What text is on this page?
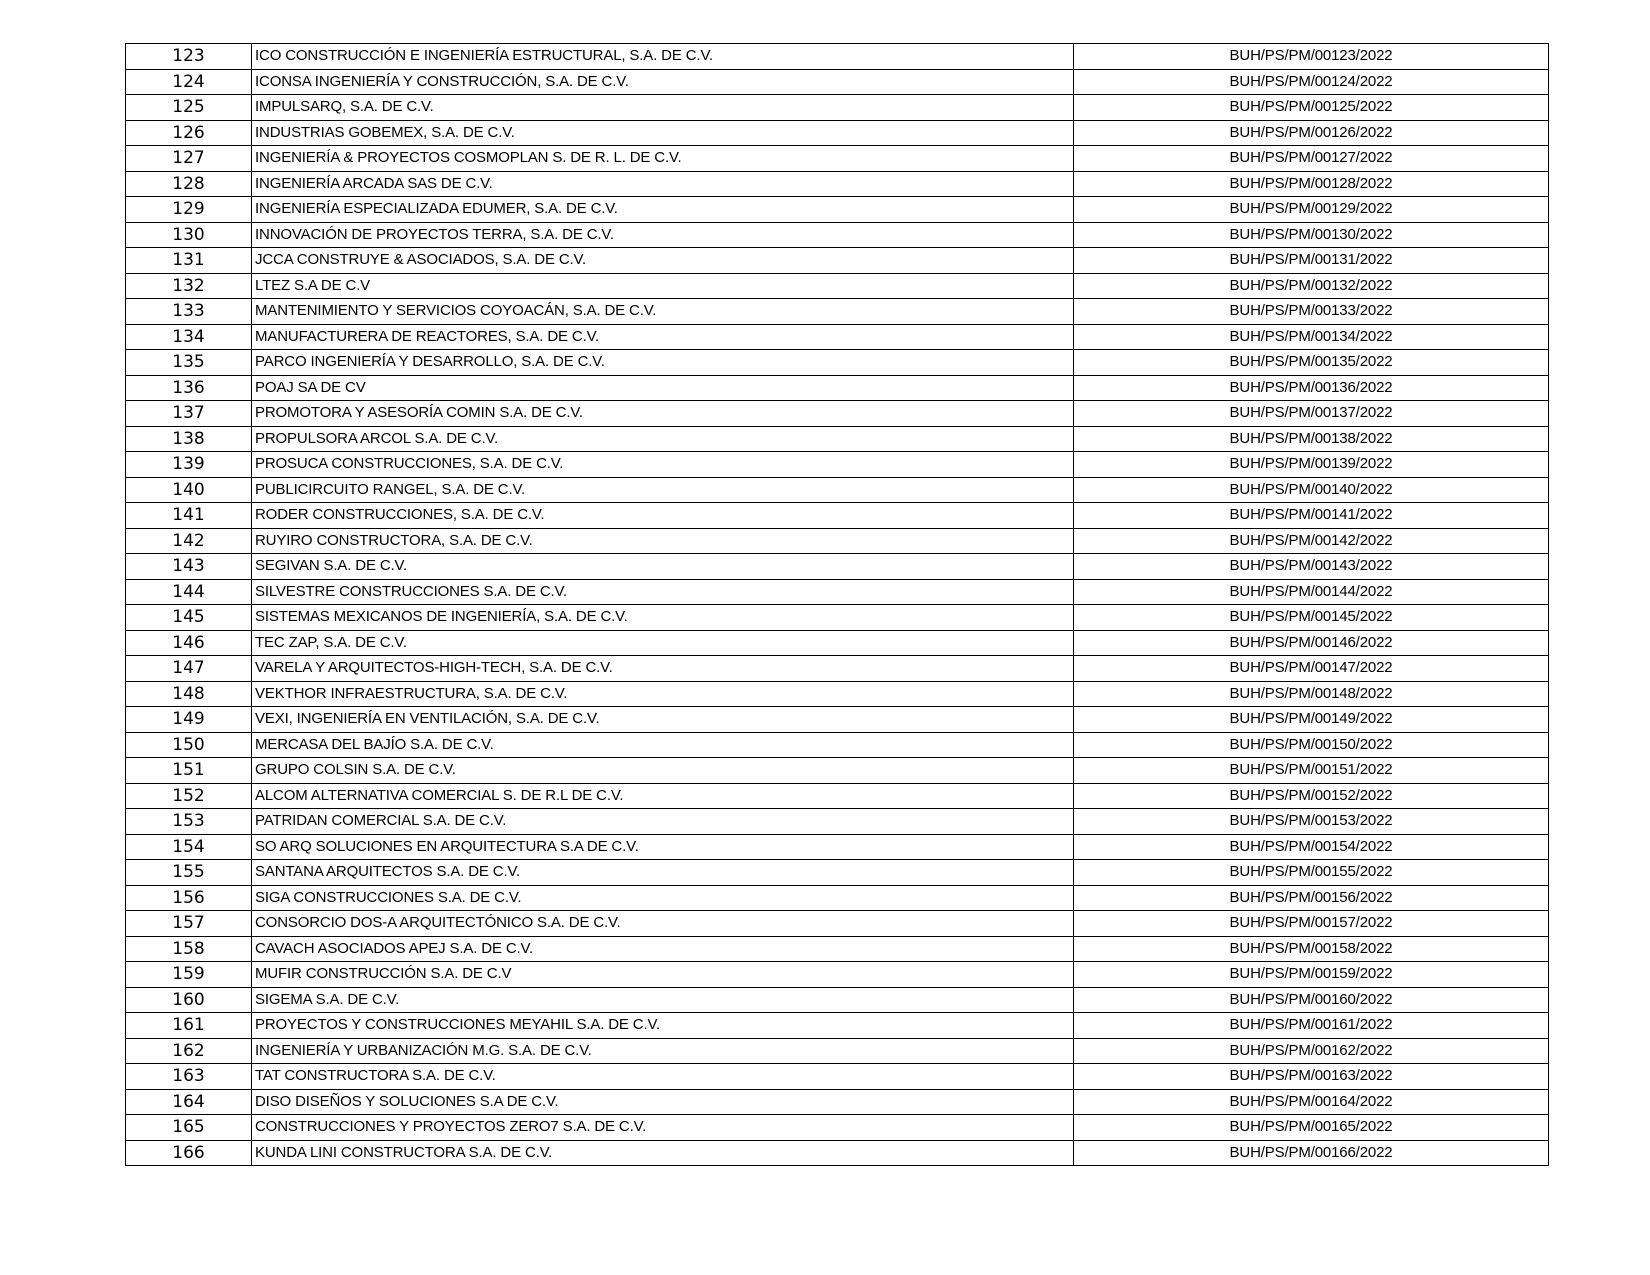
123	ICO CONSTRUCCIÓN E INGENIERÍA ESTRUCTURAL, S.A. DE C.V.	BUH/PS/PM/00123/2022
124	ICONSA INGENIERÍA Y CONSTRUCCIÓN, S.A. DE C.V.	BUH/PS/PM/00124/2022
125	IMPULSARQ, S.A. DE C.V.	BUH/PS/PM/00125/2022
126	INDUSTRIAS GOBEMEX, S.A. DE C.V.	BUH/PS/PM/00126/2022
127	INGENIERÍA & PROYECTOS COSMOPLAN S. DE R. L. DE C.V.	BUH/PS/PM/00127/2022
128	INGENIERÍA ARCADA SAS DE C.V.	BUH/PS/PM/00128/2022
129	INGENIERÍA ESPECIALIZADA EDUMER, S.A. DE C.V.	BUH/PS/PM/00129/2022
130	INNOVACIÓN DE PROYECTOS TERRA, S.A. DE C.V.	BUH/PS/PM/00130/2022
131	JCCA CONSTRUYE & ASOCIADOS, S.A. DE C.V.	BUH/PS/PM/00131/2022
132	LTEZ S.A DE C.V	BUH/PS/PM/00132/2022
133	MANTENIMIENTO Y SERVICIOS COYOACÁN, S.A. DE C.V.	BUH/PS/PM/00133/2022
134	MANUFACTURERA DE REACTORES, S.A. DE C.V.	BUH/PS/PM/00134/2022
135	PARCO INGENIERÍA Y DESARROLLO, S.A. DE C.V.	BUH/PS/PM/00135/2022
136	POAJ SA DE CV	BUH/PS/PM/00136/2022
137	PROMOTORA Y ASESORÍA COMIN S.A. DE C.V.	BUH/PS/PM/00137/2022
138	PROPULSORA ARCOL S.A. DE C.V.	BUH/PS/PM/00138/2022
139	PROSUCA CONSTRUCCIONES, S.A. DE C.V.	BUH/PS/PM/00139/2022
140	PUBLICIRCUITO RANGEL, S.A. DE C.V.	BUH/PS/PM/00140/2022
141	RODER CONSTRUCCIONES, S.A. DE C.V.	BUH/PS/PM/00141/2022
142	RUYIRO CONSTRUCTORA, S.A. DE C.V.	BUH/PS/PM/00142/2022
143	SEGIVAN S.A. DE C.V.	BUH/PS/PM/00143/2022
144	SILVESTRE CONSTRUCCIONES S.A. DE C.V.	BUH/PS/PM/00144/2022
145	SISTEMAS MEXICANOS DE INGENIERÍA, S.A. DE C.V.	BUH/PS/PM/00145/2022
146	TEC ZAP, S.A. DE C.V.	BUH/PS/PM/00146/2022
147	VARELA Y ARQUITECTOS-HIGH-TECH, S.A. DE C.V.	BUH/PS/PM/00147/2022
148	VEKTHOR INFRAESTRUCTURA, S.A. DE C.V.	BUH/PS/PM/00148/2022
149	VEXI, INGENIERÍA EN VENTILACIÓN, S.A. DE C.V.	BUH/PS/PM/00149/2022
150	MERCASA DEL BAJÍO S.A. DE C.V.	BUH/PS/PM/00150/2022
151	GRUPO COLSIN S.A. DE C.V.	BUH/PS/PM/00151/2022
152	ALCOM ALTERNATIVA COMERCIAL S. DE R.L DE C.V.	BUH/PS/PM/00152/2022
153	PATRIDAN COMERCIAL S.A. DE C.V.	BUH/PS/PM/00153/2022
154	SO ARQ SOLUCIONES EN ARQUITECTURA S.A DE C.V.	BUH/PS/PM/00154/2022
155	SANTANA ARQUITECTOS S.A. DE C.V.	BUH/PS/PM/00155/2022
156	SIGA CONSTRUCCIONES S.A. DE C.V.	BUH/PS/PM/00156/2022
157	CONSORCIO DOS-A ARQUITECTÓNICO S.A. DE C.V.	BUH/PS/PM/00157/2022
158	CAVACH ASOCIADOS APEJ S.A. DE C.V.	BUH/PS/PM/00158/2022
159	MUFIR CONSTRUCCIÓN S.A. DE C.V	BUH/PS/PM/00159/2022
160	SIGEMA S.A. DE C.V.	BUH/PS/PM/00160/2022
161	PROYECTOS Y CONSTRUCCIONES MEYAHIL S.A. DE C.V.	BUH/PS/PM/00161/2022
162	INGENIERÍA Y URBANIZACIÓN M.G. S.A. DE C.V.	BUH/PS/PM/00162/2022
163	TAT CONSTRUCTORA S.A. DE C.V.	BUH/PS/PM/00163/2022
164	DISO DISEÑOS Y SOLUCIONES S.A DE C.V.	BUH/PS/PM/00164/2022
165	CONSTRUCCIONES Y PROYECTOS ZERO7 S.A. DE C.V.	BUH/PS/PM/00165/2022
166	KUNDA LINI CONSTRUCTORA S.A. DE C.V.	BUH/PS/PM/00166/2022
